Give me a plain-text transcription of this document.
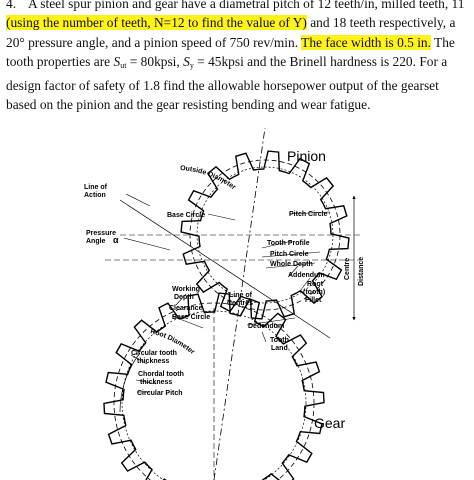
4. A steel spur pinion and gear have a diametral pitch of 12 teeth/in, milled teeth, 11 (using the number of teeth, N=12 to find the value of Y) and 18 teeth respectively, a 20° pressure angle, and a pinion speed of 750 rev/min. The face width is 0.5 in. The tooth properties are $S_{ut}$ = 80kpsi, $S_y$ = 45kpsi and the Brinell hardness is 220. For a design factor of safety of 1.8 find the allowable horsepower output of the gearset based on the pinion and the gear resisting bending and wear fatigue.
Pinion
Gear
Line of
Action
Outside Diameter
Base Circle	Pitch Circle
Pressure
Angle α	Tooth Profile
Pitch Circle
Whole Depth
Addendum
Root
(tooth)
Fillet
Centre Distance
Working
Depth
Clearance
Base Circle
Line of
Centres
Dedendum
Tooth
Land
Root Diameter
Circular tooth
thickness
Chordal tooth
thickness
Circular Pitch
